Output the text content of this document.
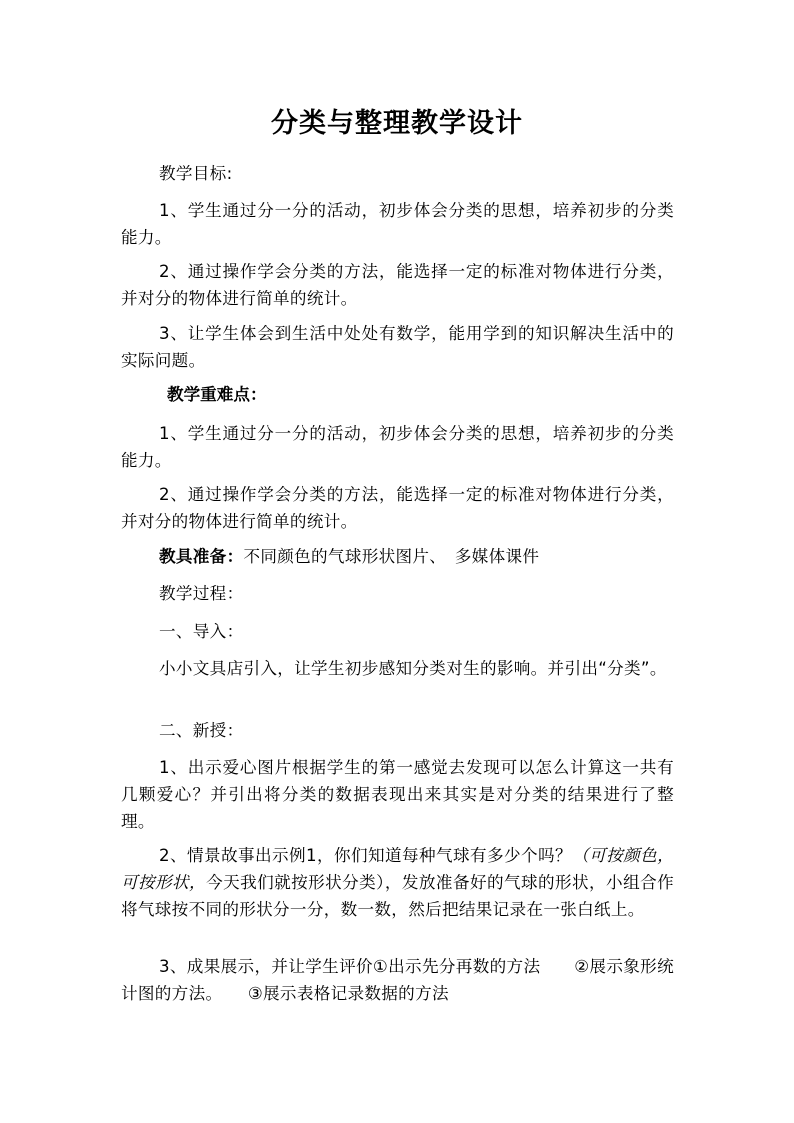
分类与整理教学设计
教学目标:
1、学生通过分一分的活动，初步体会分类的思想，培养初步的分类能力。
2、通过操作学会分类的方法，能选择一定的标准对物体进行分类，并对分的物体进行简单的统计。
3、让学生体会到生活中处处有数学，能用学到的知识解决生活中的实际问题。
教学重难点：
1、学生通过分一分的活动，初步体会分类的思想，培养初步的分类能力。
2、通过操作学会分类的方法，能选择一定的标准对物体进行分类，并对分的物体进行简单的统计。
教具准备：不同颜色的气球形状图片、　多媒体课件
教学过程：
一、导入：
小小文具店引入，让学生初步感知分类对生的影响。并引出“分类”。
二、新授：
1、出示爱心图片根据学生的第一感觉去发现可以怎么计算这一共有几颗爱心？并引出将分类的数据表现出来其实是对分类的结果进行了整理。
2、情景故事出示例1，你们知道每种气球有多少个吗？（可按颜色，可按形状，今天我们就按形状分类），发放准备好的气球的形状，小组合作将气球按不同的形状分一分，数一数，然后把结果记录在一张白纸上。
3、成果展示，并让学生评价①出示先分再数的方法　　②展示象形统计图的方法。　　③展示表格记录数据的方法
